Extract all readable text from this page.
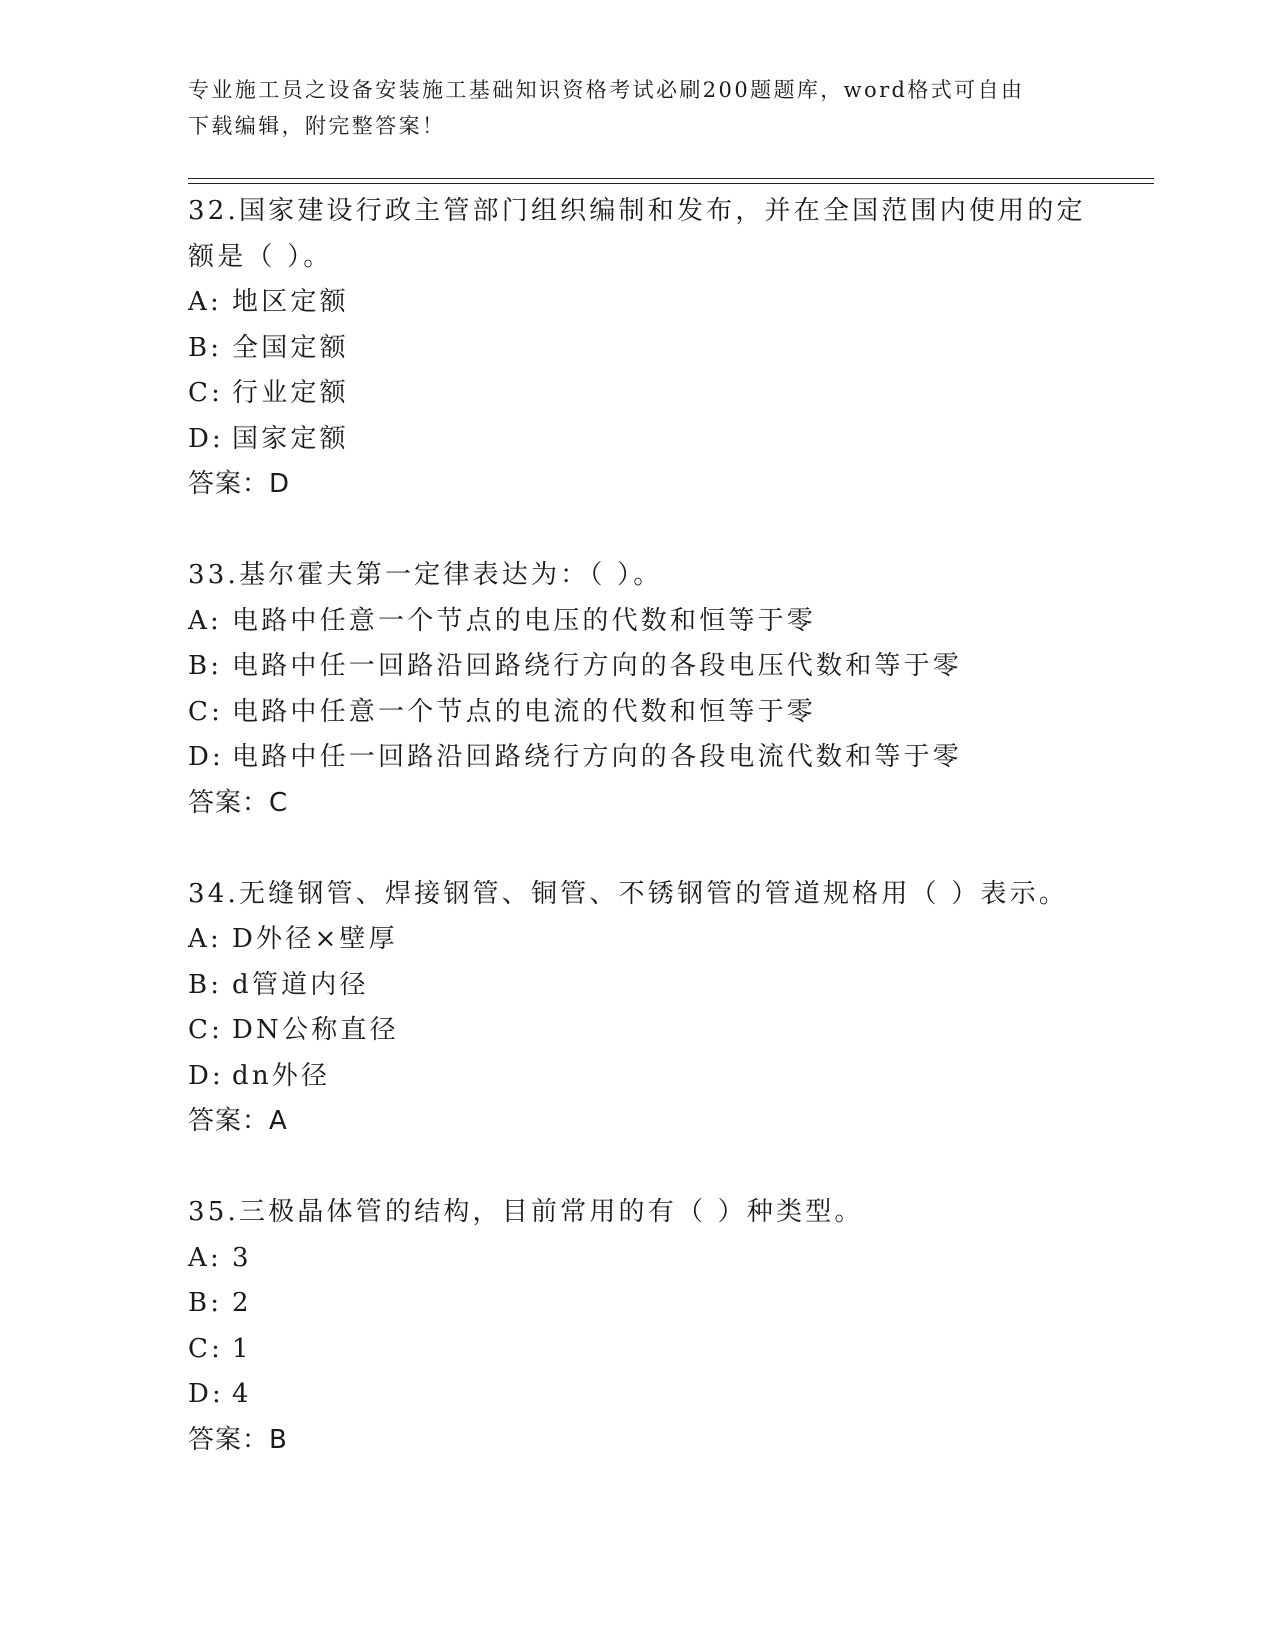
专业施工员之设备安装施工基础知识资格考试必刷200题题库，word格式可自由
下载编辑，附完整答案！
32.国家建设行政主管部门组织编制和发布，并在全国范围内使用的定额是（ ）。
A: 地区定额
B: 全国定额
C: 行业定额
D: 国家定额
答案：D
33.基尔霍夫第一定律表达为：（ ）。
A: 电路中任意一个节点的电压的代数和恒等于零
B: 电路中任一回路沿回路绕行方向的各段电压代数和等于零
C: 电路中任意一个节点的电流的代数和恒等于零
D: 电路中任一回路沿回路绕行方向的各段电流代数和等于零
答案：C
34.无缝钢管、焊接钢管、铜管、不锈钢管的管道规格用（ ）表示。
A: D外径×壁厚
B: d管道内径
C: DN公称直径
D: dn外径
答案：A
35.三极晶体管的结构，目前常用的有（ ）种类型。
A: 3
B: 2
C: 1
D: 4
答案：B
